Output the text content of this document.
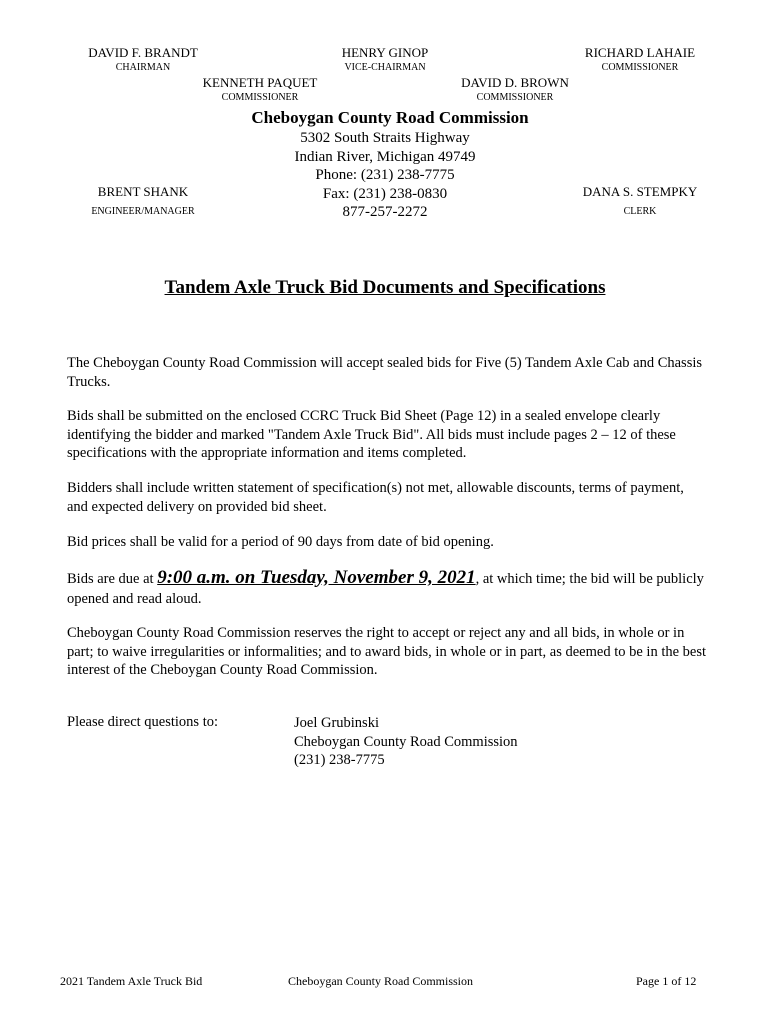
DAVID F. BRANDT
CHAIRMAN
HENRY GINOP
VICE-CHAIRMAN
RICHARD LAHAIE
COMMISSIONER
KENNETH PAQUET
COMMISSIONER
DAVID D. BROWN
COMMISSIONER
Cheboygan County Road Commission
5302 South Straits Highway
Indian River, Michigan 49749
Phone: (231) 238-7775
Fax: (231) 238-0830
877-257-2272
BRENT SHANK
ENGINEER/MANAGER
DANA S. STEMPKY
CLERK
Tandem Axle Truck Bid Documents and Specifications

The Cheboygan County Road Commission will accept sealed bids for Five (5) Tandem Axle Cab and Chassis Trucks.

Bids shall be submitted on the enclosed CCRC Truck Bid Sheet (Page 12) in a sealed envelope clearly identifying the bidder and marked "Tandem Axle Truck Bid". All bids must include pages 2 – 12 of these specifications with the appropriate information and items completed.

Bidders shall include written statement of specification(s) not met, allowable discounts, terms of payment, and expected delivery on provided bid sheet.

Bid prices shall be valid for a period of 90 days from date of bid opening.

Bids are due at 9:00 a.m. on Tuesday, November 9, 2021, at which time; the bid will be publicly opened and read aloud.

Cheboygan County Road Commission reserves the right to accept or reject any and all bids, in whole or in part; to waive irregularities or informalities; and to award bids, in whole or in part, as deemed to be in the best interest of the Cheboygan County Road Commission.

Please direct questions to:	Joel Grubinski
Cheboygan County Road Commission
(231) 238-7775
2021 Tandem Axle Truck Bid	Cheboygan County Road Commission	Page 1 of 12
